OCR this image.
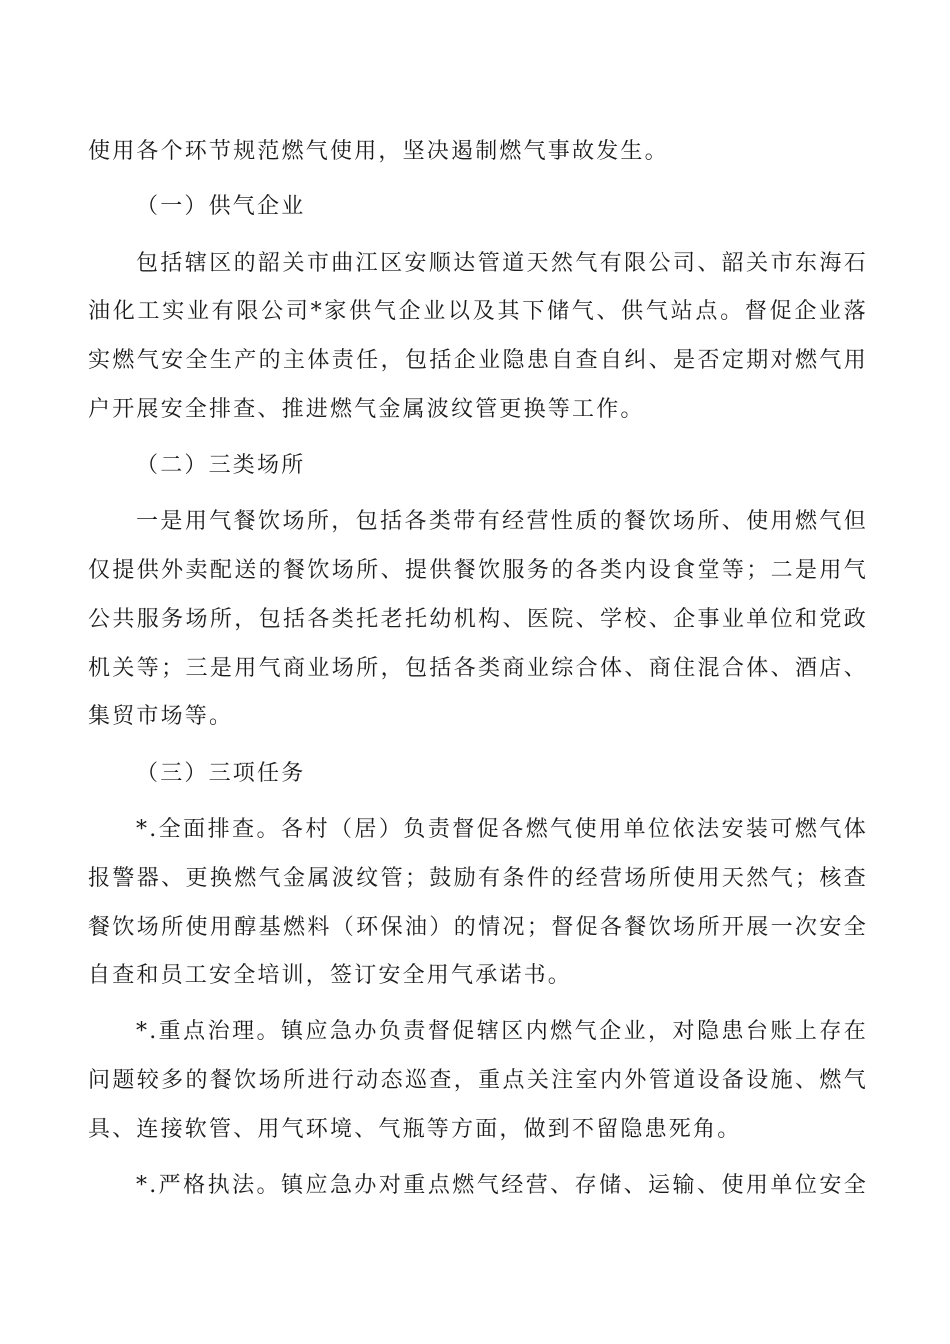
使用各个环节规范燃气使用，坚决遏制燃气事故发生。
（一）供气企业
包括辖区的韶关市曲江区安顺达管道天然气有限公司、韶关市东海石
油化工实业有限公司*家供气企业以及其下储气、供气站点。督促企业落
实燃气安全生产的主体责任，包括企业隐患自查自纠、是否定期对燃气用
户开展安全排查、推进燃气金属波纹管更换等工作。
（二）三类场所
一是用气餐饮场所，包括各类带有经营性质的餐饮场所、使用燃气但
仅提供外卖配送的餐饮场所、提供餐饮服务的各类内设食堂等；二是用气
公共服务场所，包括各类托老托幼机构、医院、学校、企事业单位和党政
机关等；三是用气商业场所，包括各类商业综合体、商住混合体、酒店、
集贸市场等。
（三）三项任务
*.全面排查。各村（居）负责督促各燃气使用单位依法安装可燃气体
报警器、更换燃气金属波纹管；鼓励有条件的经营场所使用天然气；核查
餐饮场所使用醇基燃料（环保油）的情况；督促各餐饮场所开展一次安全
自查和员工安全培训，签订安全用气承诺书。
*.重点治理。镇应急办负责督促辖区内燃气企业，对隐患台账上存在
问题较多的餐饮场所进行动态巡查，重点关注室内外管道设备设施、燃气
具、连接软管、用气环境、气瓶等方面，做到不留隐患死角。
*.严格执法。镇应急办对重点燃气经营、存储、运输、使用单位安全
